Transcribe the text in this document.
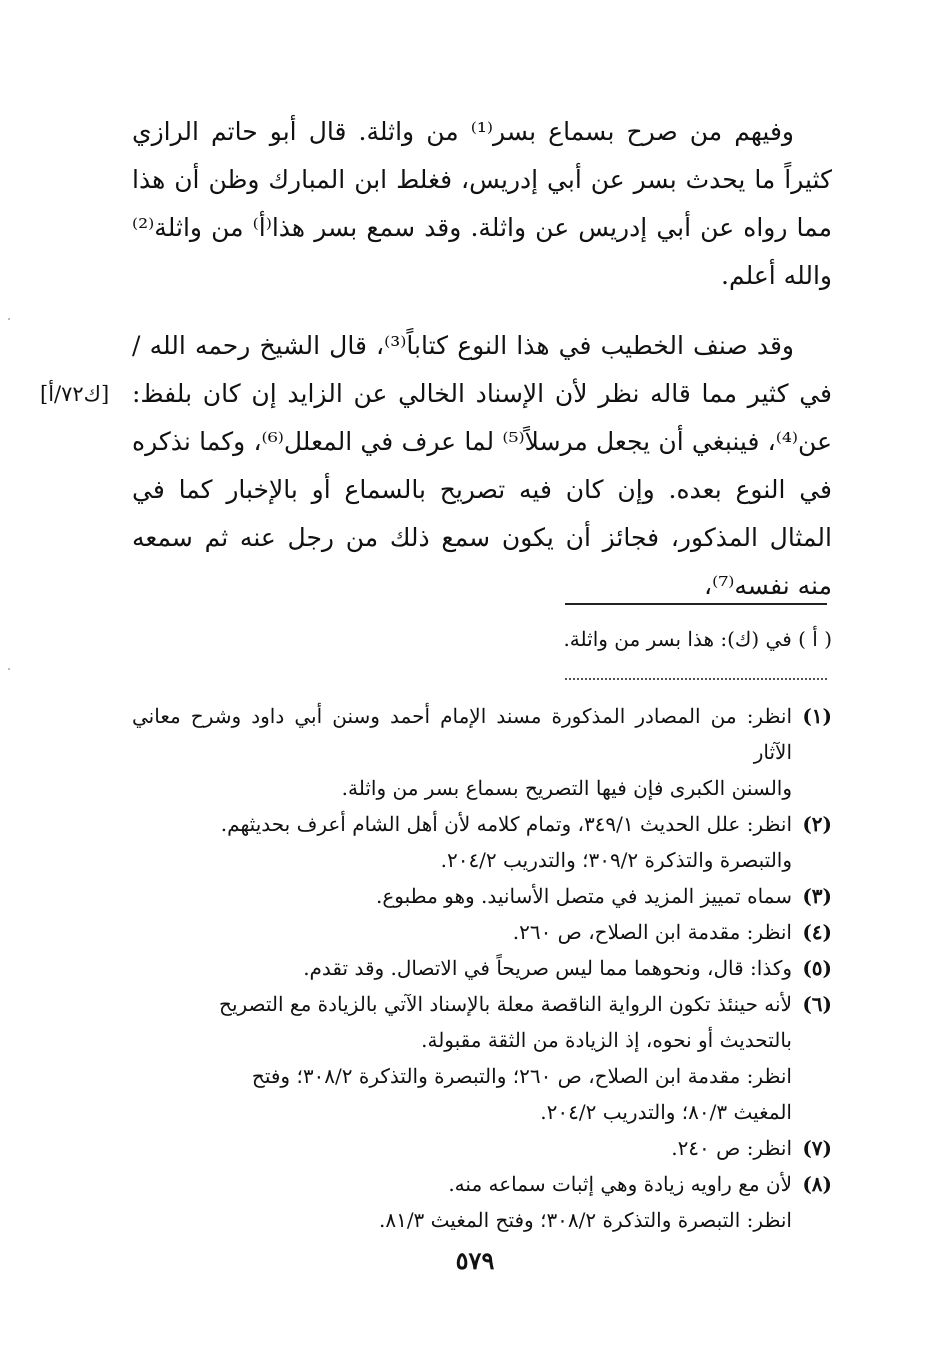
وفيهم من صرح بسماع بسر⁽¹⁾ من واثلة. قال أبو حاتم الرازي كثيراً ما يحدث بسر عن أبي إدريس، فغلط ابن المبارك وظن أن هذا مما رواه عن أبي إدريس عن واثلة. وقد سمع بسر هذا⁽أ⁾ من واثلة⁽²⁾ والله أعلم.
وقد صنف الخطيب في هذا النوع كتاباً⁽³⁾، قال الشيخ رحمه الله / في كثير مما قاله نظر لأن الإسناد الخالي عن الزايد إن كان بلفظ: عن⁽⁴⁾، فينبغي أن يجعل مرسلاً⁽⁵⁾ لما عرف في المعلل⁽⁶⁾، وكما نذكره في النوع بعده. وإن كان فيه تصريح بالسماع أو بالإخبار كما في المثال المذكور، فجائز أن يكون سمع ذلك من رجل عنه ثم سمعه منه نفسه⁽⁷⁾،
[ك٧٢/أ]
( أ ) في (ك): هذا بسر من واثلة.
(١)
انظر: من المصادر المذكورة مسند الإمام أحمد وسنن أبي داود وشرح معاني الآثار
والسنن الكبرى فإن فيها التصريح بسماع بسر من واثلة.
(٢)
انظر: علل الحديث ٣٤٩/١، وتمام كلامه لأن أهل الشام أعرف بحديثهم.
والتبصرة والتذكرة ٣٠٩/٢؛ والتدريب ٢٠٤/٢.
(٣)
سماه تمييز المزيد في متصل الأسانيد. وهو مطبوع.
(٤)
انظر: مقدمة ابن الصلاح، ص ٢٦٠.
(٥)
وكذا: قال، ونحوهما مما ليس صريحاً في الاتصال. وقد تقدم.
(٦)
لأنه حينئذ تكون الرواية الناقصة معلة بالإسناد الآتي بالزيادة مع التصريح
بالتحديث أو نحوه، إذ الزيادة من الثقة مقبولة.
انظر: مقدمة ابن الصلاح، ص ٢٦٠؛ والتبصرة والتذكرة ٣٠٨/٢؛ وفتح
المغيث ٨٠/٣؛ والتدريب ٢٠٤/٢.
(٧)
انظر: ص ٢٤٠.
(٨)
لأن مع راويه زيادة وهي إثبات سماعه منه.
انظر: التبصرة والتذكرة ٣٠٨/٢؛ وفتح المغيث ٨١/٣.
٥٧٩
